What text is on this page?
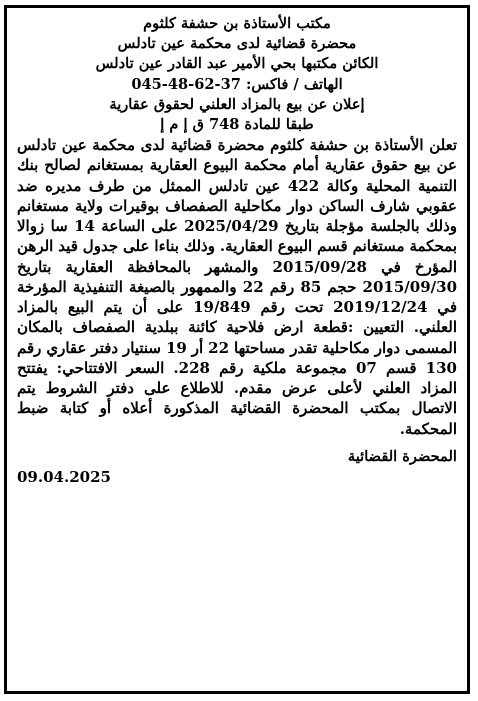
مكتب الأستاذة بن حشفة كلثوم
محضرة قضائية لدى محكمة عين تادلس
الكائن مكتبها بحي الأمير عبد القادر عين تادلس
الهاتف / فاكس: 37-62-48-045
إعلان عن بيع بالمزاد العلني لحقوق عقارية
طبقا للمادة 748 ق إ م إ

تعلن الأستاذة بن حشفة كلثوم محضرة قضائية لدى محكمة عين تادلس عن بيع حقوق عقارية أمام محكمة البيوع العقارية بمستغانم لصالح بنك التنمية المحلية وكالة 422 عين تادلس الممثل من طرف مديره ضد عقوبي شارف الساكن دوار مكاحلية الصفصاف بوقيرات ولاية مستغانم وذلك بالجلسة مؤجلة بتاريخ 2025/04/29 على الساعة 14 سا زوالا بمحكمة مستغانم قسم البيوع العقارية. وذلك بناءا على جدول قيد الرهن المؤرخ في 2015/09/28 والمشهر بالمحافظة العقارية بتاريخ 2015/09/30 حجم 85 رقم 22 والممهور بالصيغة التنفيذية المؤرخة في 2019/12/24 تحت رقم 19/849 على أن يتم البيع بالمزاد العلني. التعيين :قطعة ارض فلاحية كائنة ببلدية الصفصاف بالمكان المسمى دوار مكاحلية تقدر مساحتها 22 أر 19 سنتيار دفتر عقاري رقم 130 قسم 07 مجموعة ملكية رقم 228. السعر الافتتاحي: يفتتح المزاد العلني لأعلى عرض مقدم. للاطلاع على دفتر الشروط يتم الاتصال بمكتب المحضرة القضائية المذكورة أعلاه أو كتابة ضبط المحكمة.

المحضرة القضائية
09.04.2025
